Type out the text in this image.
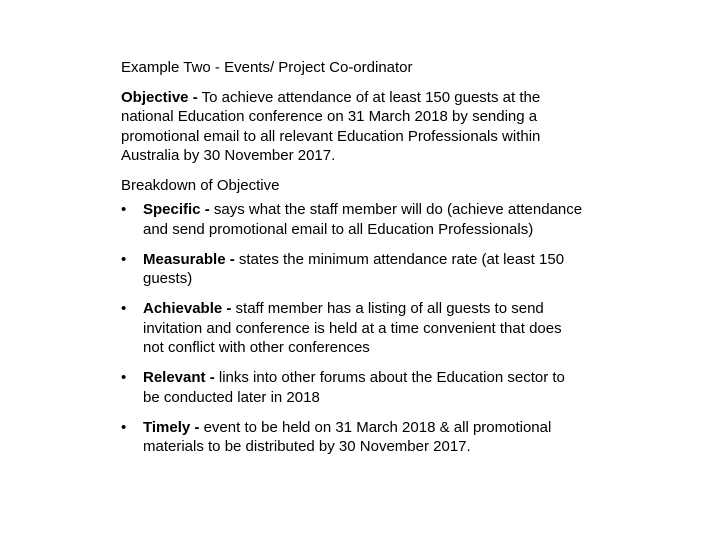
Example Two - Events/ Project Co-ordinator
Objective - To achieve attendance of at least 150 guests at the national Education conference on 31 March 2018 by sending a promotional email to all relevant Education Professionals within Australia by 30 November 2017.
Breakdown of Objective
• Specific - says what the staff member will do (achieve attendance and send promotional email to all Education Professionals)
• Measurable - states the minimum attendance rate (at least 150 guests)
• Achievable - staff member has a listing of all guests to send invitation and conference is held at a time convenient that does not conflict with other conferences
• Relevant - links into other forums about the Education sector to be conducted later in 2018
• Timely - event to be held on 31 March 2018 & all promotional materials to be distributed by 30 November 2017.
